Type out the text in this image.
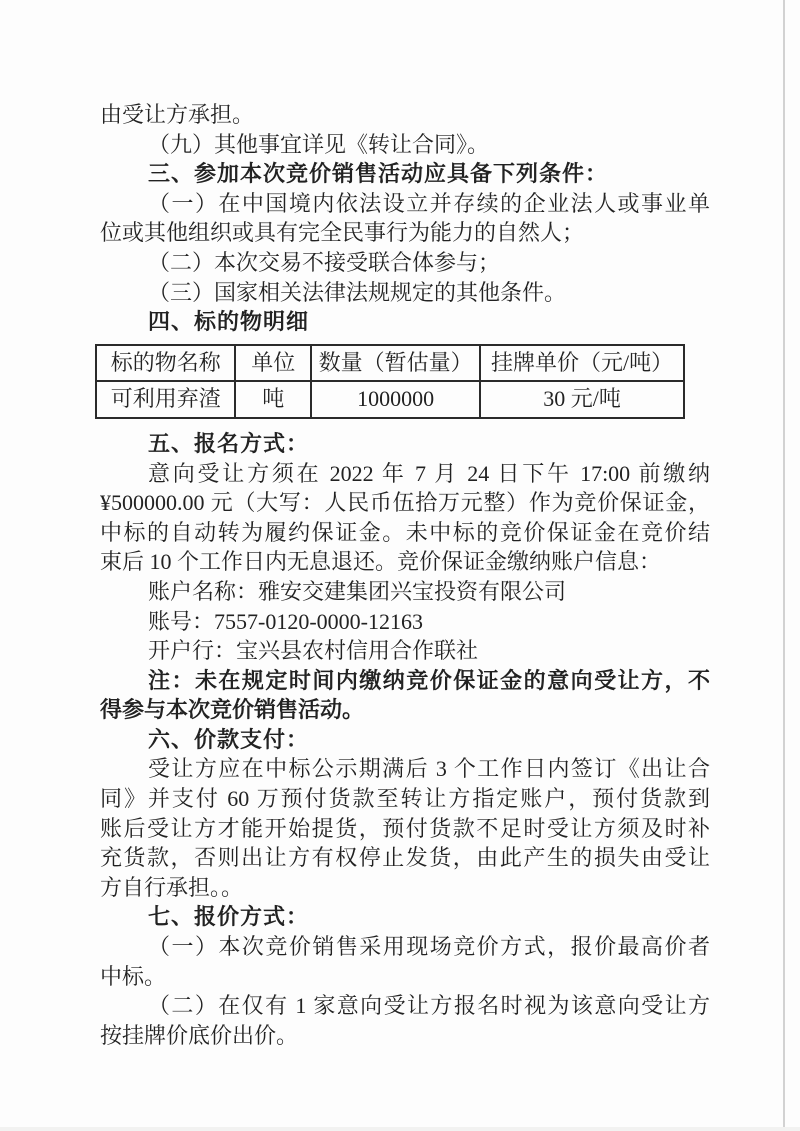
由受让方承担。
（九）其他事宜详见《转让合同》。
三、参加本次竞价销售活动应具备下列条件：
（一）在中国境内依法设立并存续的企业法人或事业单
位或其他组织或具有完全民事行为能力的自然人；
（二）本次交易不接受联合体参与；
（三）国家相关法律法规规定的其他条件。
四、标的物明细
标的物名称	单位	数量（暂估量）	挂牌单价（元/吨）
可利用弃渣	吨	1000000	30 元/吨
五、报名方式：
意向受让方须在 2022 年 7 月 24 日下午 17:00 前缴纳
¥500000.00 元（大写：人民币伍拾万元整）作为竞价保证金，
中标的自动转为履约保证金。未中标的竞价保证金在竞价结
束后 10 个工作日内无息退还。竞价保证金缴纳账户信息：
账户名称：雅安交建集团兴宝投资有限公司
账号：7557-0120-0000-12163
开户行：宝兴县农村信用合作联社
注：未在规定时间内缴纳竞价保证金的意向受让方，不
得参与本次竞价销售活动。
六、价款支付：
受让方应在中标公示期满后 3 个工作日内签订《出让合
同》并支付 60 万预付货款至转让方指定账户，预付货款到
账后受让方才能开始提货，预付货款不足时受让方须及时补
充货款，否则出让方有权停止发货，由此产生的损失由受让
方自行承担。。
七、报价方式：
（一）本次竞价销售采用现场竞价方式，报价最高价者
中标。
（二）在仅有 1 家意向受让方报名时视为该意向受让方
按挂牌价底价出价。
